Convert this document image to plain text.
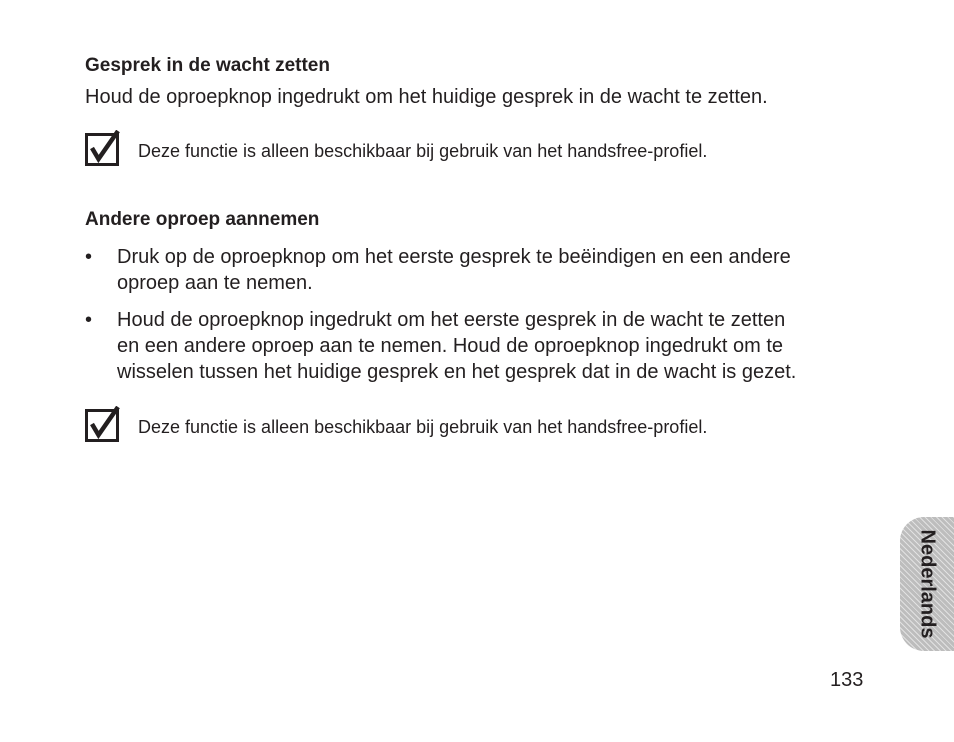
Gesprek in de wacht zetten
Houd de oproepknop ingedrukt om het huidige gesprek in de wacht te zetten.
Deze functie is alleen beschikbaar bij gebruik van het handsfree-profiel.
Andere oproep aannemen
• Druk op de oproepknop om het eerste gesprek te beëindigen en een andere
oproep aan te nemen.
• Houd de oproepknop ingedrukt om het eerste gesprek in de wacht te zetten
en een andere oproep aan te nemen. Houd de oproepknop ingedrukt om te
wisselen tussen het huidige gesprek en het gesprek dat in de wacht is gezet.
Deze functie is alleen beschikbaar bij gebruik van het handsfree-profiel.
Nederlands
133
